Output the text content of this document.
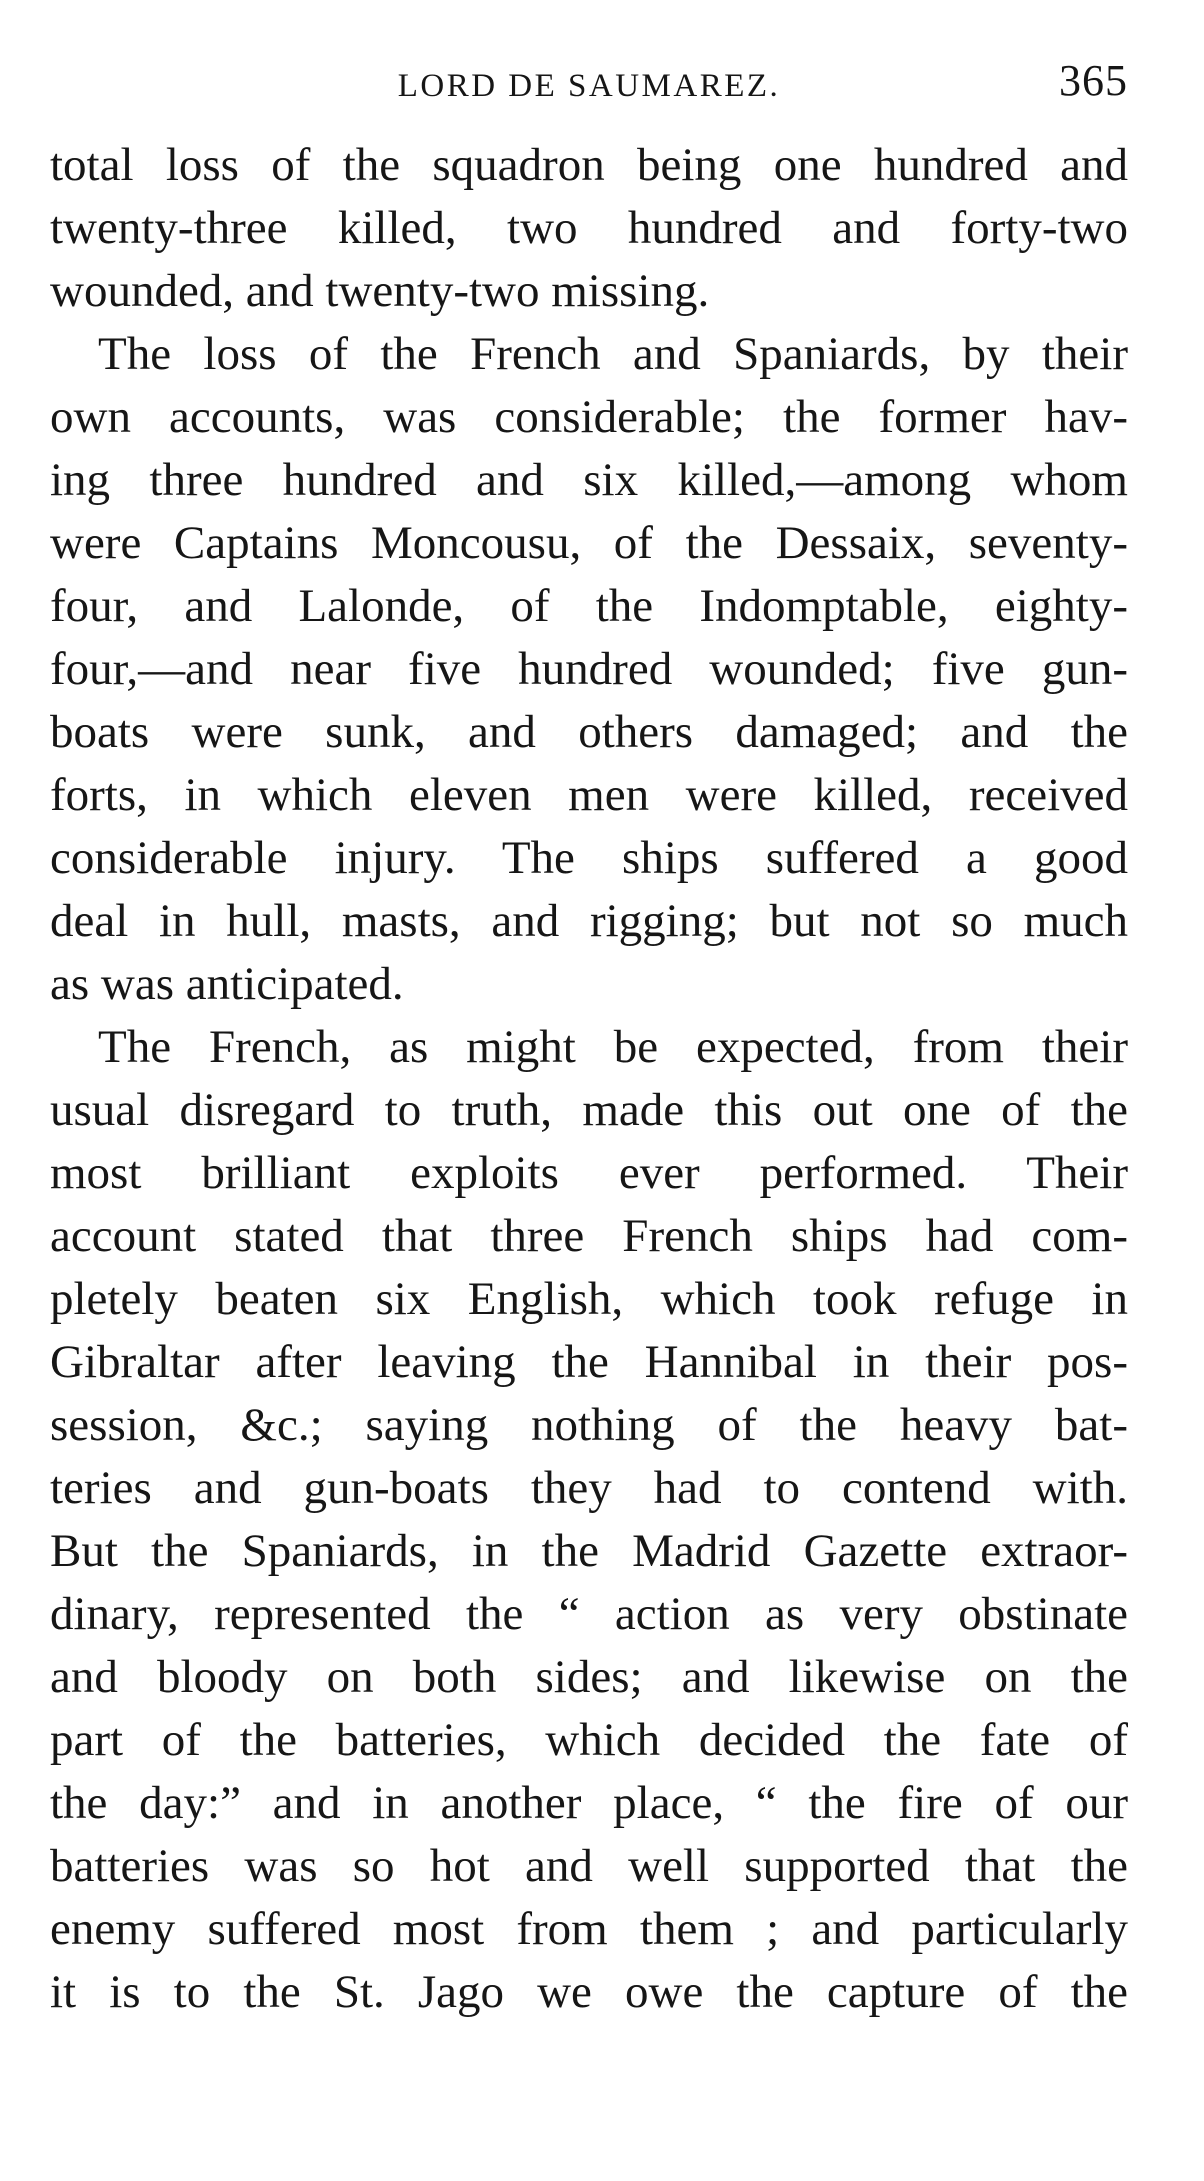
LORD DE SAUMAREZ.	365
total loss of the squadron being one hundred and
twenty-three killed, two hundred and forty-two
wounded, and twenty-two missing.
The loss of the French and Spaniards, by their
own accounts, was considerable; the former hav-
ing three hundred and six killed,—among whom
were Captains Moncousu, of the Dessaix, seventy-
four, and Lalonde, of the Indomptable, eighty-
four,—and near five hundred wounded; five gun-
boats were sunk, and others damaged; and the
forts, in which eleven men were killed, received
considerable injury. The ships suffered a good
deal in hull, masts, and rigging; but not so much
as was anticipated.
The French, as might be expected, from their
usual disregard to truth, made this out one of the
most brilliant exploits ever performed. Their
account stated that three French ships had com-
pletely beaten six English, which took refuge in
Gibraltar after leaving the Hannibal in their pos-
session, &c.; saying nothing of the heavy bat-
teries and gun-boats they had to contend with.
But the Spaniards, in the Madrid Gazette extraor-
dinary, represented the “ action as very obstinate
and bloody on both sides; and likewise on the
part of the batteries, which decided the fate of
the day:” and in another place, “ the fire of our
batteries was so hot and well supported that the
enemy suffered most from them ; and particularly
it is to the St. Jago we owe the capture of the
